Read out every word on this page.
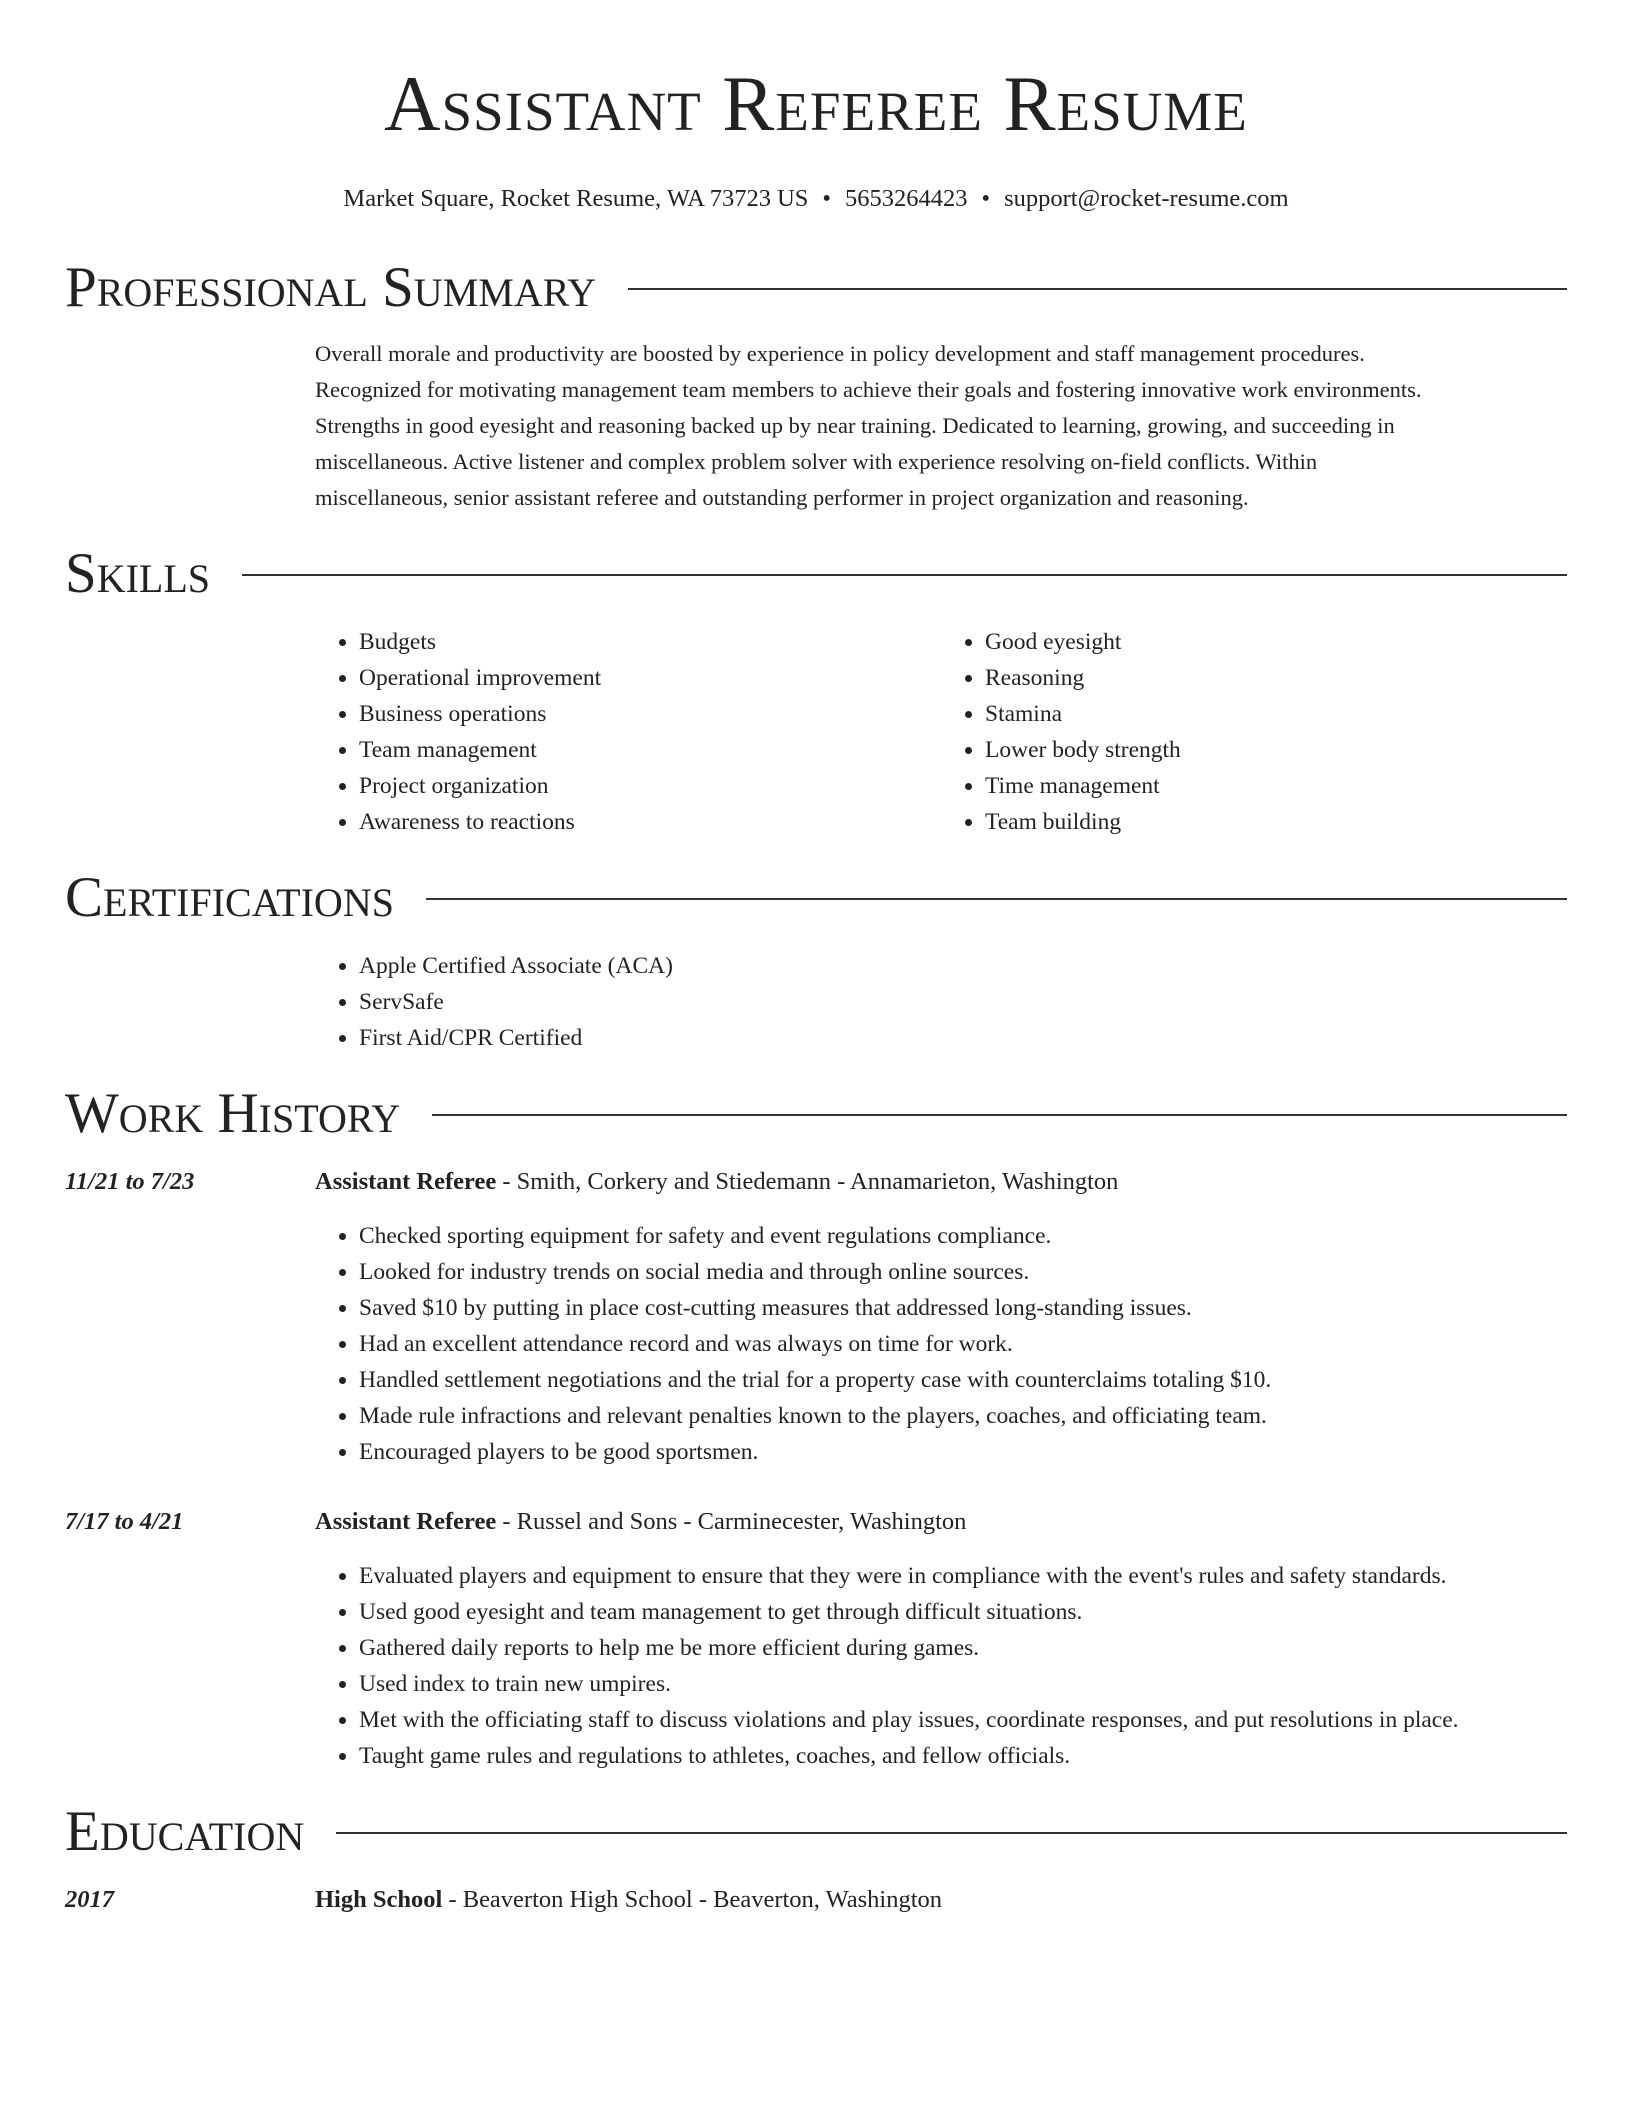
Assistant Referee Resume
Market Square, Rocket Resume, WA 73723 US • 5653264423 • support@rocket-resume.com
Professional Summary
Overall morale and productivity are boosted by experience in policy development and staff management procedures.
Recognized for motivating management team members to achieve their goals and fostering innovative work environments.
Strengths in good eyesight and reasoning backed up by near training. Dedicated to learning, growing, and succeeding in
miscellaneous. Active listener and complex problem solver with experience resolving on-field conflicts. Within
miscellaneous, senior assistant referee and outstanding performer in project organization and reasoning.
Skills
• Budgets
• Operational improvement
• Business operations
• Team management
• Project organization
• Awareness to reactions
• Good eyesight
• Reasoning
• Stamina
• Lower body strength
• Time management
• Team building
Certifications
• Apple Certified Associate (ACA)
• ServSafe
• First Aid/CPR Certified
Work History
11/21 to 7/23	Assistant Referee - Smith, Corkery and Stiedemann - Annamarieton, Washington
• Checked sporting equipment for safety and event regulations compliance.
• Looked for industry trends on social media and through online sources.
• Saved $10 by putting in place cost-cutting measures that addressed long-standing issues.
• Had an excellent attendance record and was always on time for work.
• Handled settlement negotiations and the trial for a property case with counterclaims totaling $10.
• Made rule infractions and relevant penalties known to the players, coaches, and officiating team.
• Encouraged players to be good sportsmen.
7/17 to 4/21	Assistant Referee - Russel and Sons - Carminecester, Washington
• Evaluated players and equipment to ensure that they were in compliance with the event's rules and safety standards.
• Used good eyesight and team management to get through difficult situations.
• Gathered daily reports to help me be more efficient during games.
• Used index to train new umpires.
• Met with the officiating staff to discuss violations and play issues, coordinate responses, and put resolutions in place.
• Taught game rules and regulations to athletes, coaches, and fellow officials.
Education
2017	High School - Beaverton High School - Beaverton, Washington
